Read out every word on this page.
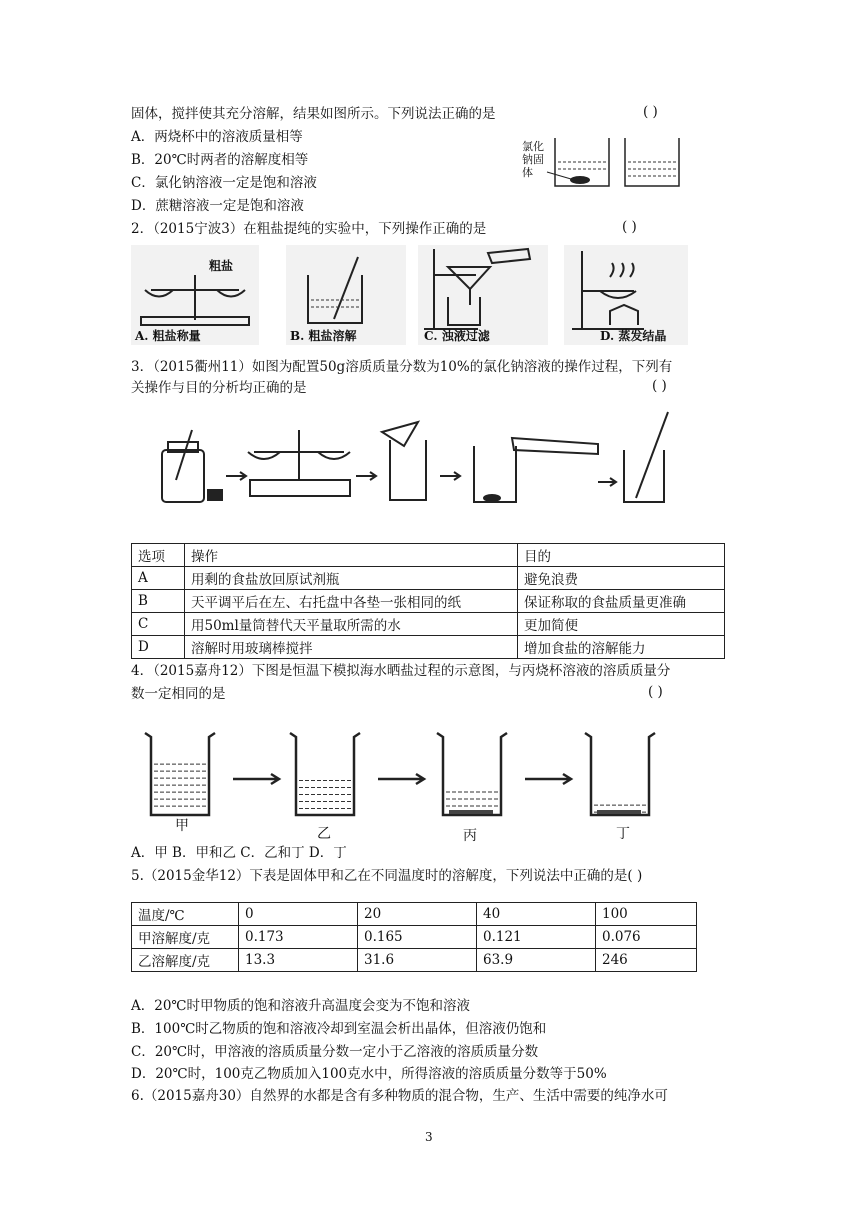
固体，搅拌使其充分溶解，结果如图所示。下列说法正确的是	( )
A．两烧杯中的溶液质量相等
B．20℃时两者的溶解度相等
C．氯化钠溶液一定是饱和溶液
D．蔗糖溶液一定是饱和溶液
氯化
钠固
体
2．（2015宁波3）在粗盐提纯的实验中，下列操作正确的是	( )
粗盐
A. 粗盐称量	B. 粗盐溶解	C. 浊液过滤	D. 蒸发结晶
3．（2015衢州11）如图为配置50g溶质质量分数为10%的氯化钠溶液的操作过程，下列有
关操作与目的分析均正确的是	( )
选项	操作	目的
A	用剩的食盐放回原试剂瓶	避免浪费
B	天平调平后在左、右托盘中各垫一张相同的纸	保证称取的食盐质量更准确
C	用50ml量筒替代天平量取所需的水	更加简便
D	溶解时用玻璃棒搅拌	增加食盐的溶解能力
4．（2015嘉舟12）下图是恒温下模拟海水晒盐过程的示意图，与丙烧杯溶液的溶质质量分
数一定相同的是	( )
甲	乙	丙	丁
A．甲 B．甲和乙 C．乙和丁 D．丁
5.（2015金华12）下表是固体甲和乙在不同温度时的溶解度，下列说法中正确的是( )
温度/℃	0	20	40	100
甲溶解度/克	0.173	0.165	0.121	0.076
乙溶解度/克	13.3	31.6	63.9	246
A．20℃时甲物质的饱和溶液升高温度会变为不饱和溶液
B．100℃时乙物质的饱和溶液冷却到室温会析出晶体，但溶液仍饱和
C．20℃时，甲溶液的溶质质量分数一定小于乙溶液的溶质质量分数
D．20℃时，100克乙物质加入100克水中，所得溶液的溶质质量分数等于50%
6.（2015嘉舟30）自然界的水都是含有多种物质的混合物，生产、生活中需要的纯净水可
3
